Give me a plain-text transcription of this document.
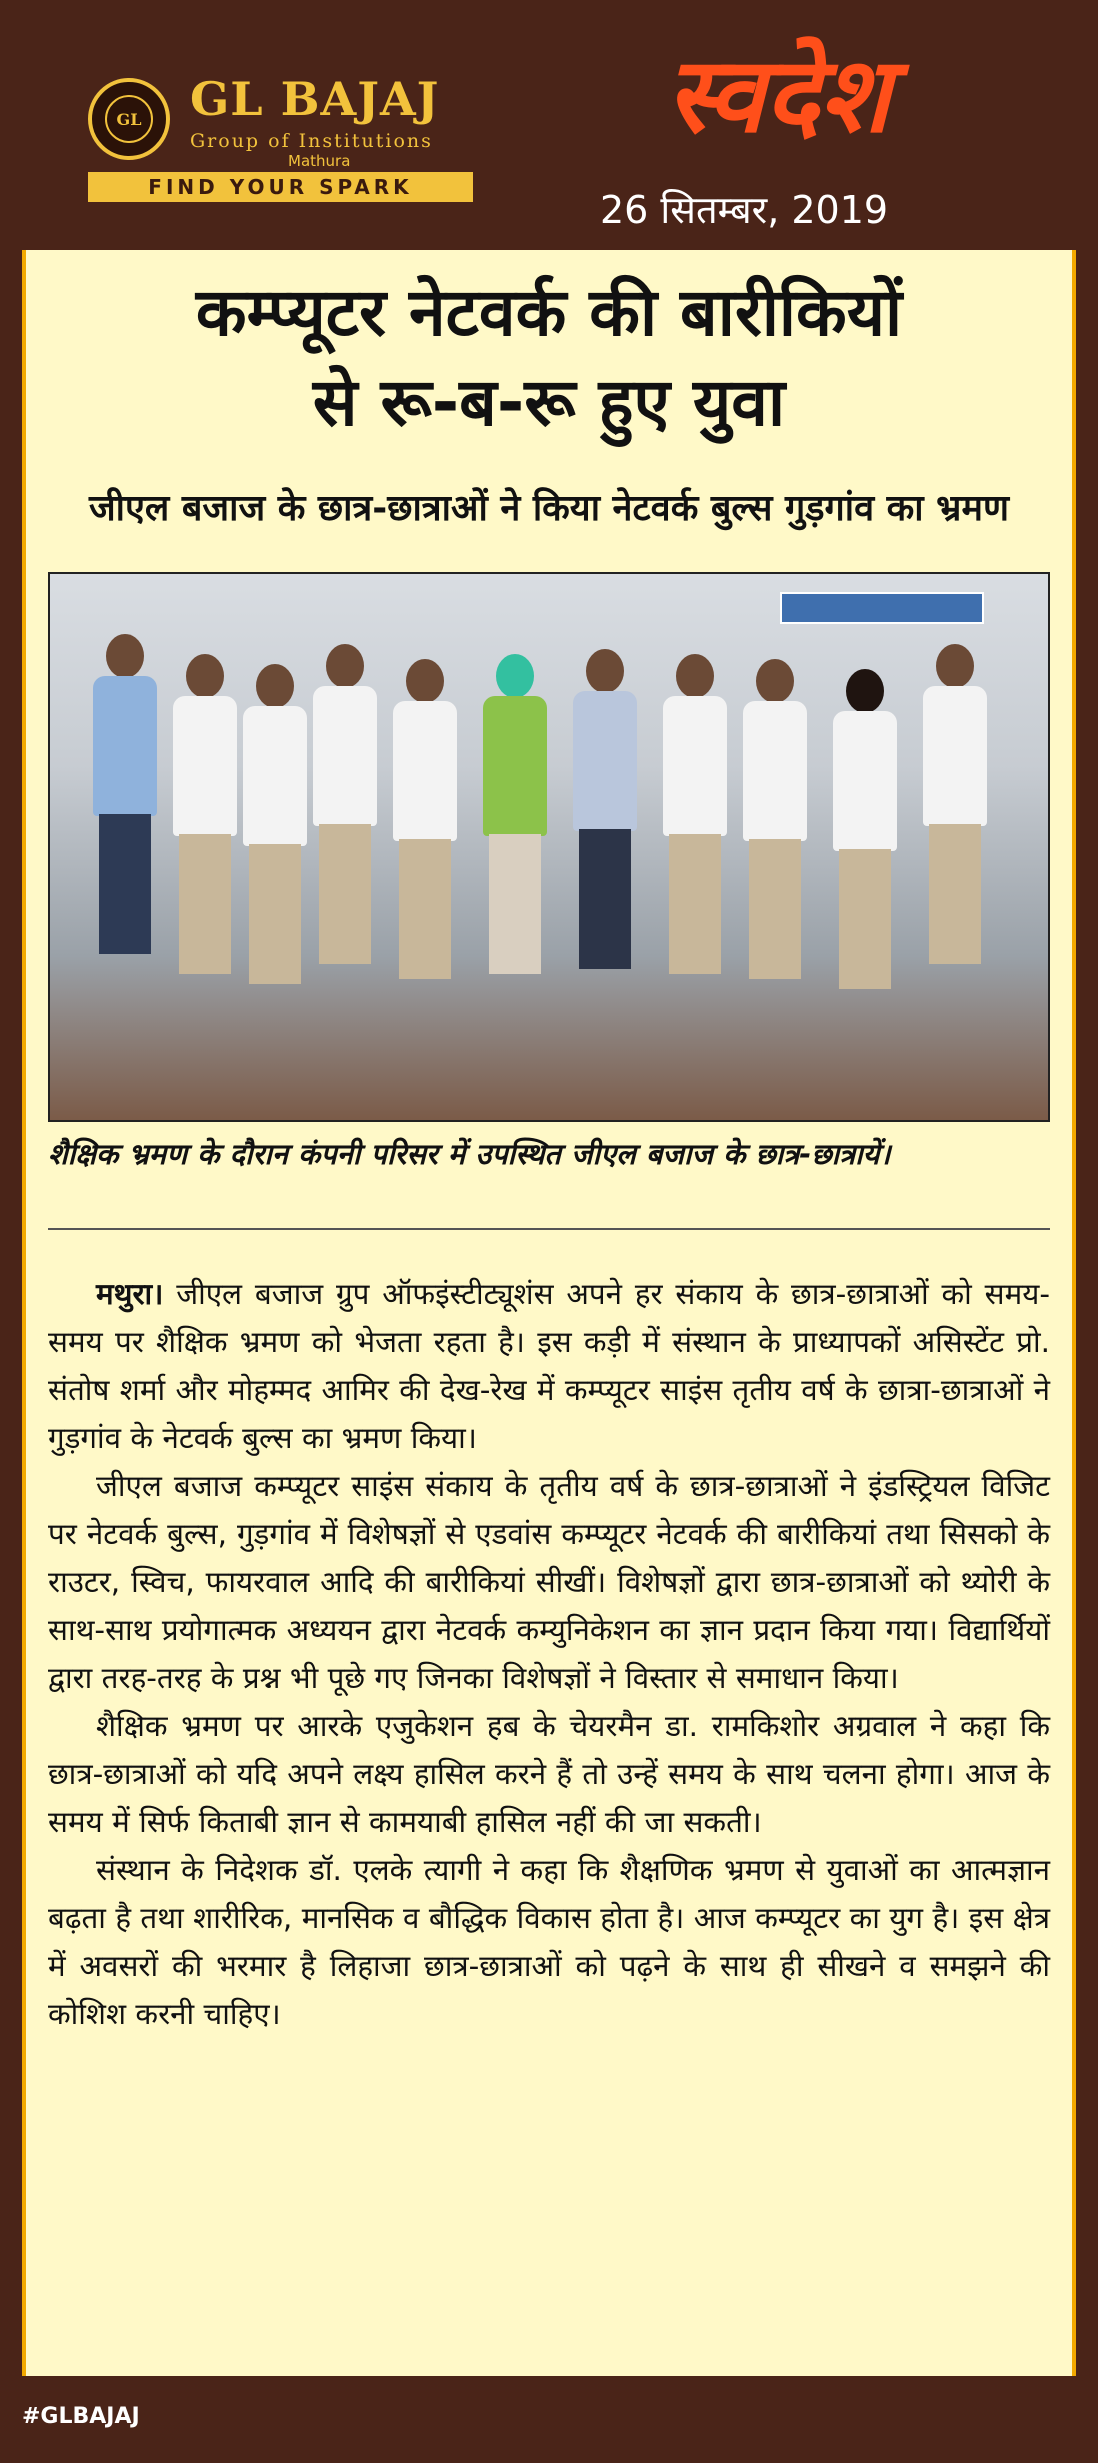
GL GL BAJAJ
Group of Institutions
Mathura
FIND YOUR SPARK
स्वदेश
26 सितम्बर, 2019
कम्प्यूटर नेटवर्क की बारीकियों
से रू-ब-रू हुए युवा
जीएल बजाज के छात्र-छात्राओं ने किया नेटवर्क बुल्स गुड़गांव का भ्रमण
शैक्षिक भ्रमण के दौरान कंपनी परिसर में उपस्थित जीएल बजाज के छात्र-छात्रायें।

मथुरा। जीएल बजाज ग्रुप ऑफइंस्टीट्यूशंस अपने हर संकाय के छात्र-छात्राओं को समय-समय पर शैक्षिक भ्रमण को भेजता रहता है। इस कड़ी में संस्थान के प्राध्यापकों असिस्टेंट प्रो. संतोष शर्मा और मोहम्मद आमिर की देख-रेख में कम्प्यूटर साइंस तृतीय वर्ष के छात्रा-छात्राओं ने गुड़गांव के नेटवर्क बुल्स का भ्रमण किया।

जीएल बजाज कम्प्यूटर साइंस संकाय के तृतीय वर्ष के छात्र-छात्राओं ने इंडस्ट्रियल विजिट पर नेटवर्क बुल्स, गुड़गांव में विशेषज्ञों से एडवांस कम्प्यूटर नेटवर्क की बारीकियां तथा सिसको के राउटर, स्विच, फायरवाल आदि की बारीकियां सीखीं। विशेषज्ञों द्वारा छात्र-छात्राओं को थ्योरी के साथ-साथ प्रयोगात्मक अध्ययन द्वारा नेटवर्क कम्युनिकेशन का ज्ञान प्रदान किया गया। विद्यार्थियों द्वारा तरह-तरह के प्रश्न भी पूछे गए जिनका विशेषज्ञों ने विस्तार से समाधान किया।

शैक्षिक भ्रमण पर आरके एजुकेशन हब के चेयरमैन डा. रामकिशोर अग्रवाल ने कहा कि छात्र-छात्राओं को यदि अपने लक्ष्य हासिल करने हैं तो उन्हें समय के साथ चलना होगा। आज के समय में सिर्फ किताबी ज्ञान से कामयाबी हासिल नहीं की जा सकती।

संस्थान के निदेशक डॉ. एलके त्यागी ने कहा कि शैक्षणिक भ्रमण से युवाओं का आत्मज्ञान बढ़ता है तथा शारीरिक, मानसिक व बौद्धिक विकास होता है। आज कम्प्यूटर का युग है। इस क्षेत्र में अवसरों की भरमार है लिहाजा छात्र-छात्राओं को पढ़ने के साथ ही सीखने व समझने की कोशिश करनी चाहिए।

#GLBAJAJ
